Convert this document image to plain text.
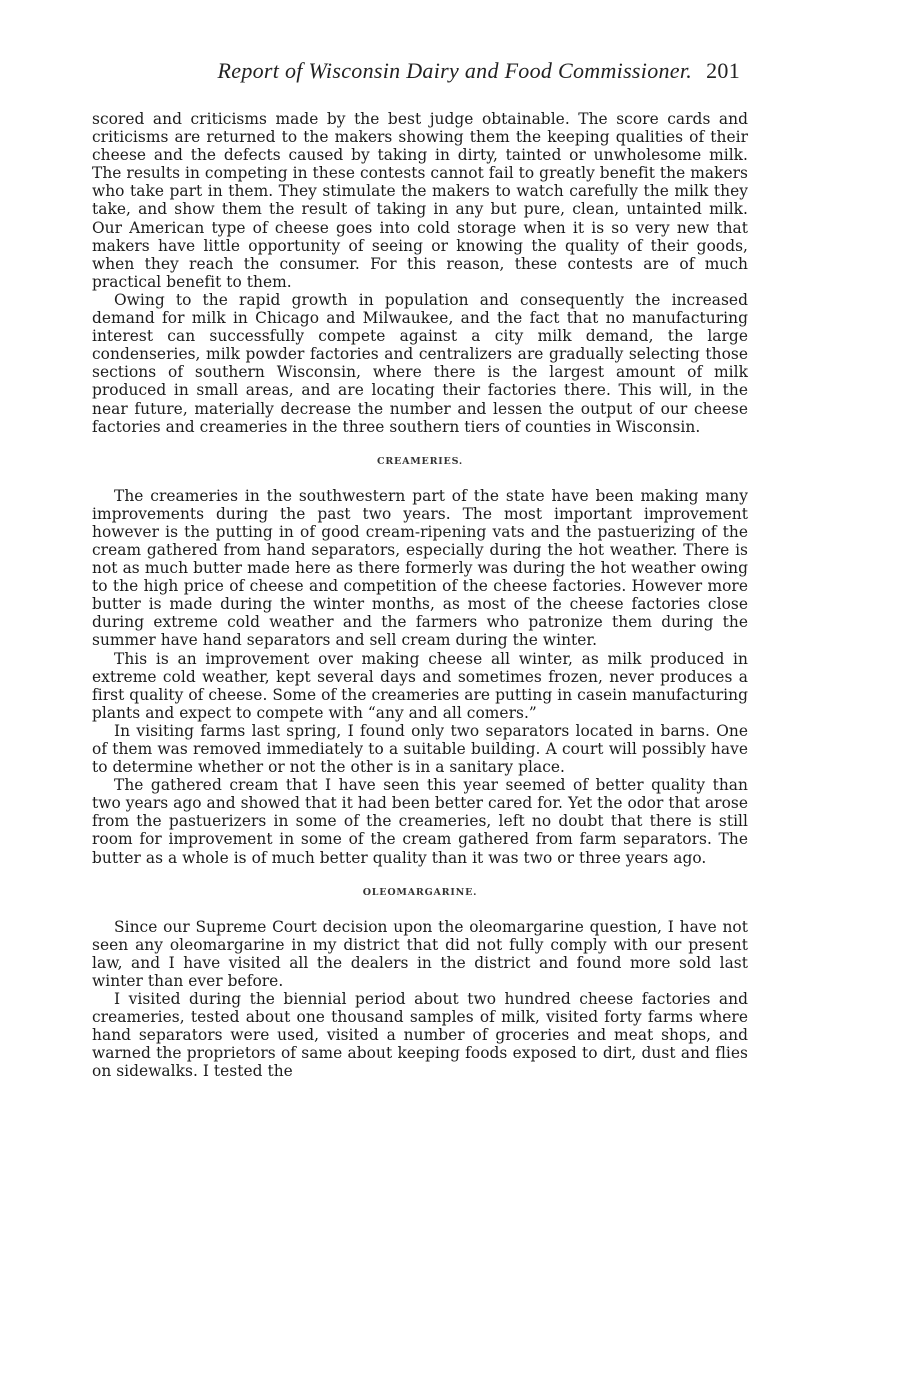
Report of Wisconsin Dairy and Food Commissioner. 201

scored and criticisms made by the best judge obtainable. The score cards and criticisms are returned to the makers showing them the keeping qualities of their cheese and the defects caused by taking in dirty, tainted or unwholesome milk. The results in competing in these contests cannot fail to greatly benefit the makers who take part in them. They stimulate the makers to watch carefully the milk they take, and show them the result of taking in any but pure, clean, untainted milk. Our American type of cheese goes into cold storage when it is so very new that makers have little opportunity of seeing or knowing the quality of their goods, when they reach the consumer. For this reason, these contests are of much practical benefit to them.

Owing to the rapid growth in population and consequently the increased demand for milk in Chicago and Milwaukee, and the fact that no manufacturing interest can successfully compete against a city milk demand, the large condenseries, milk powder factories and centralizers are gradually selecting those sections of southern Wisconsin, where there is the largest amount of milk produced in small areas, and are locating their factories there. This will, in the near future, materially decrease the number and lessen the output of our cheese factories and creameries in the three southern tiers of counties in Wisconsin.

CREAMERIES.

The creameries in the southwestern part of the state have been making many improvements during the past two years. The most important improvement however is the putting in of good cream-ripening vats and the pastuerizing of the cream gathered from hand separators, especially during the hot weather. There is not as much butter made here as there formerly was during the hot weather owing to the high price of cheese and competition of the cheese factories. However more butter is made during the winter months, as most of the cheese factories close during extreme cold weather and the farmers who patronize them during the summer have hand separators and sell cream during the winter.

This is an improvement over making cheese all winter, as milk produced in extreme cold weather, kept several days and sometimes frozen, never produces a first quality of cheese. Some of the creameries are putting in casein manufacturing plants and expect to compete with “any and all comers.”

In visiting farms last spring, I found only two separators located in barns. One of them was removed immediately to a suitable building. A court will possibly have to determine whether or not the other is in a sanitary place.

The gathered cream that I have seen this year seemed of better quality than two years ago and showed that it had been better cared for. Yet the odor that arose from the pastuerizers in some of the creameries, left no doubt that there is still room for improvement in some of the cream gathered from farm separators. The butter as a whole is of much better quality than it was two or three years ago.

OLEOMARGARINE.

Since our Supreme Court decision upon the oleomargarine question, I have not seen any oleomargarine in my district that did not fully comply with our present law, and I have visited all the dealers in the district and found more sold last winter than ever before.

I visited during the biennial period about two hundred cheese factories and creameries, tested about one thousand samples of milk, visited forty farms where hand separators were used, visited a number of groceries and meat shops, and warned the proprietors of same about keeping foods exposed to dirt, dust and flies on sidewalks. I tested the
